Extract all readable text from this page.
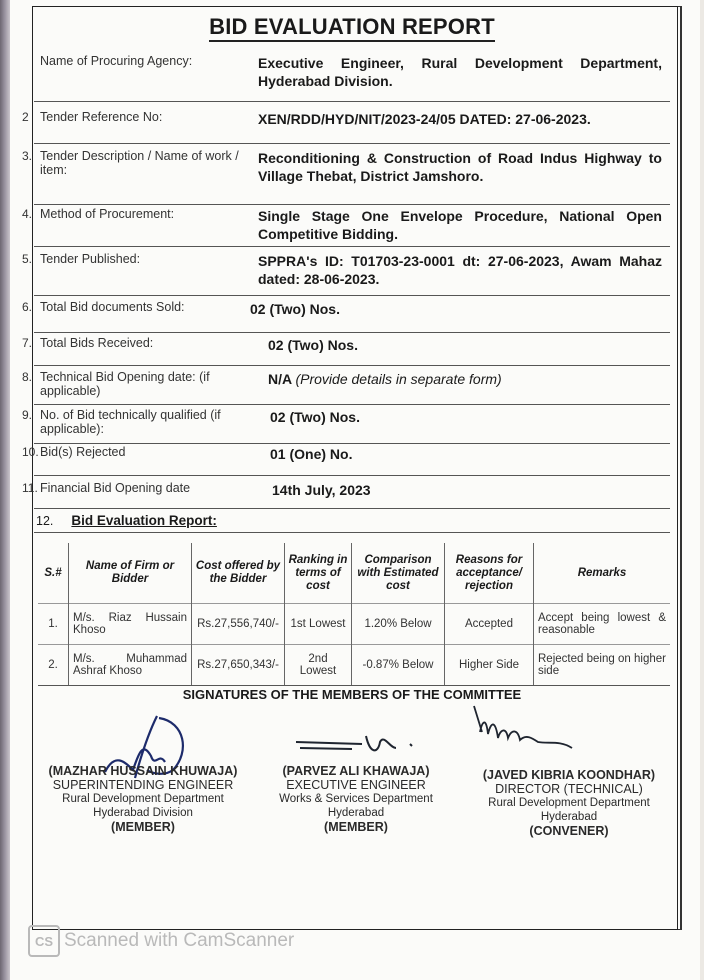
BID EVALUATION REPORT
Name of Procuring Agency:	Executive Engineer, Rural Development Department, Hyderabad Division.
2 Tender Reference No:	XEN/RDD/HYD/NIT/2023-24/05 DATED: 27-06-2023.
3. Tender Description / Name of work / item:
Reconditioning & Construction of Road Indus Highway to Village Thebat, District Jamshoro.
4. Method of Procurement:	Single Stage One Envelope Procedure, National Open Competitive Bidding.
5. Tender Published:	SPPRA's ID: T01703-23-0001 dt: 27-06-2023, Awam Mahaz dated: 28-06-2023.
6. Total Bid documents Sold:	02 (Two) Nos.
7. Total Bids Received:	02 (Two) Nos.
8. Technical Bid Opening date: (if applicable)
N/A (Provide details in separate form)
9. No. of Bid technically qualified (if applicable):
02 (Two) Nos.
10. Bid(s) Rejected	01 (One) No.
11. Financial Bid Opening date	14th July, 2023
12. Bid Evaluation Report:
S.#	Name of Firm or Bidder	Cost offered by the Bidder	Ranking in terms of cost	Comparison with Estimated cost	Reasons for acceptance/ rejection	Remarks
1.	M/s. Riaz Hussain Khoso	Rs.27,556,740/-	1st Lowest	1.20% Below	Accepted	Accept being lowest & reasonable
2.	M/s. Muhammad Ashraf Khoso	Rs.27,650,343/-	2nd Lowest	-0.87% Below	Higher Side	Rejected being on higher side
SIGNATURES OF THE MEMBERS OF THE COMMITTEE
(MAZHAR HUSSAIN KHUWAJA)
SUPERINTENDING ENGINEER
Rural Development Department
Hyderabad Division
(MEMBER)
(PARVEZ ALI KHAWAJA)
EXECUTIVE ENGINEER
Works & Services Department
Hyderabad
(MEMBER)
(JAVED KIBRIA KOONDHAR)
DIRECTOR (TECHNICAL)
Rural Development Department
Hyderabad
(CONVENER)
CS Scanned with CamScanner
